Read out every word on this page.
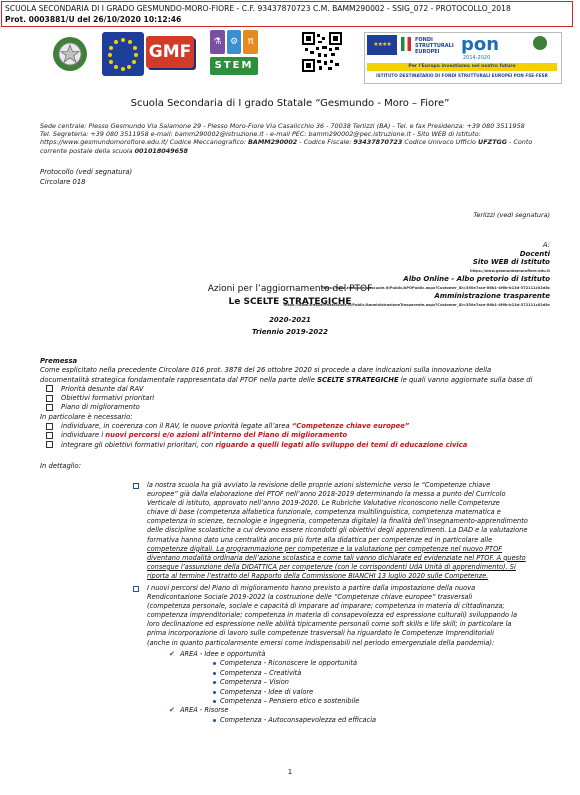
SCUOLA SECONDARIA DI I GRADO GESMUNDO-MORO-FIORE - C.F. 93437870723 C.M. BAMM290002 - SSIG_072 - PROTOCOLLO_2018
Prot. 0003881/U del 26/10/2020 10:12:46
GMF	⚗ ⚙ π
STEM
★★★★
FONDI STRUTTURALI EUROPEI	pon
2014-2020
Per l'Europa investiamo nel nostro futuro
ISTITUTO DESTINATARIO DI FONDI STRUTTURALI EUROPEI PON FSE-FESR
Scuola Secondaria di I grado Statale “Gesmundo - Moro – Fiore”
Sede centrale: Plesso Gesmundo Via Salamone 29 - Plesso Moro-Fiore Via Casalicchio 36 - 70038 Terlizzi (BA) - Tel. e fax Presidenza: +39 080 3511958
Tel. Segreteria: +39 080 3511958 e-mail: bamm290002@istruzione.it - e-mail PEC: bamm290002@pec.istruzione.it - Sito WEB di Istituto:
https://www.gesmundomorofiore.edu.it/ Codice Meccanografico: BAMM290002 - Codice Fiscale: 93437870723 Codice Univoco Ufficio UFZTGG - Conto
corrente postale della scuola 001018049658
Protocollo (vedi segnatura)
Circolare 018
Terlizzi (vedi segnatura)
A:
Docenti
Sito WEB di Istituto
https://www.gesmundomorofiore.edu.it
Albo Online - Albo pretorio di Istituto
https://www.trasparenzascuole.it/Public/APOPublic.aspx?Customer_ID=350e7ace-86b1-4f6b-b13d-372111c02d8c
Amministrazione trasparente
https://www.trasparenzascuole.it/Public/AmministrazioneTrasparente.aspx?Customer_ID=350e7ace-86b1-4f6b-b13d-372111c02d8c
Azioni per l’aggiornamento del PTOF
Le SCELTE STRATEGICHE
2020-2021
Triennio 2019-2022
Premessa
Come esplicitato nella precedente Circolare 016 prot. 3878 del 26 ottobre 2020 si procede a dare indicazioni sulla innovazione della
documentalità strategica fondamentale rappresentata dal PTOF nella parte delle SCELTE STRATEGICHE le quali vanno aggiornate sulla base di
Priorità desunte dal RAV
Obiettivi formativi prioritari
Piano di miglioramento
In particolare è necessario:
individuare, in coerenza con il RAV, le nuove priorità legate all’area “Competenze chiave europee”
individuare i nuovi percorsi e/o azioni all’interno del Piano di miglioramento
integrare gli obiettivi formativi prioritari, con riguardo a quelli legati allo sviluppo dei temi di educazione civica
In dettaglio:
la nostra scuola ha già avviato la revisione delle proprie azioni sistemiche verso le “Competenze chiave
europee” già dalla elaborazione del PTOF nell’anno 2018-2019 determinando la messa a punto del Curricolo
Verticale di istituto, approvato nell’anno 2019-2020. Le Rubriche Valutative riconoscono nelle Competenze
chiave di base (competenza alfabetica funzionale, competenza multilinguistica, competenza matematica e
competenza in scienze, tecnologie e ingegneria, competenza digitale) la finalità dell’insegnamento-apprendimento
delle discipline scolastiche a cui devono essere ricondotti gli obiettivi degli apprendimenti. La DAD e la valutazione
formativa hanno dato una centralità ancora più forte alla didattica per competenze ed in particolare alle
competenze digitali. La programmazione per competenze e la valutazione per competenze nel nuovo PTOF
diventano modalità ordinaria dell’azione scolastica e come tali vanno dichiarate ed evidenziate nel PTOF. A questo
consegue l’assunzione della DIDATTICA per competenze (con le corrispondenti UdA Unità di apprendimento). Si
riporta al termine l’estratto del Rapporto della Commissione BIANCHI 13 luglio 2020 sulle Competenze.
I nuovi percorsi del Piano di miglioramento hanno previsto a partire dalla impostazione della nuova
Rendicontazione Sociale 2019-2022 la costruzione delle “Competenze chiave europee” trasversali
(competenza personale, sociale e capacità di imparare ad imparare; competenza in materia di cittadinanza;
competenza imprenditoriale; competenza in materia di consapevolezza ed espressione culturali) sviluppando la
loro declinazione ed espressione nelle abilità tipicamente personali come soft skills e life skill; in particolare la
prima incorporazione di lavoro sulle competenze trasversali ha riguardato le Competenze Imprenditoriali
(anche in quanto particolarmente emersi come indispensabili nel periodo emergenziale della pandemia):
✔ AREA - Idee e opportunità
Competenza - Riconoscere le opportunità
Competenza – Creatività
Competenza – Vision
Competenza - Idee di valore
Competenza – Pensiero etico e sostenibile
✔ AREA - Risorse
Competenza - Autoconsapevolezza ed efficacia
1
